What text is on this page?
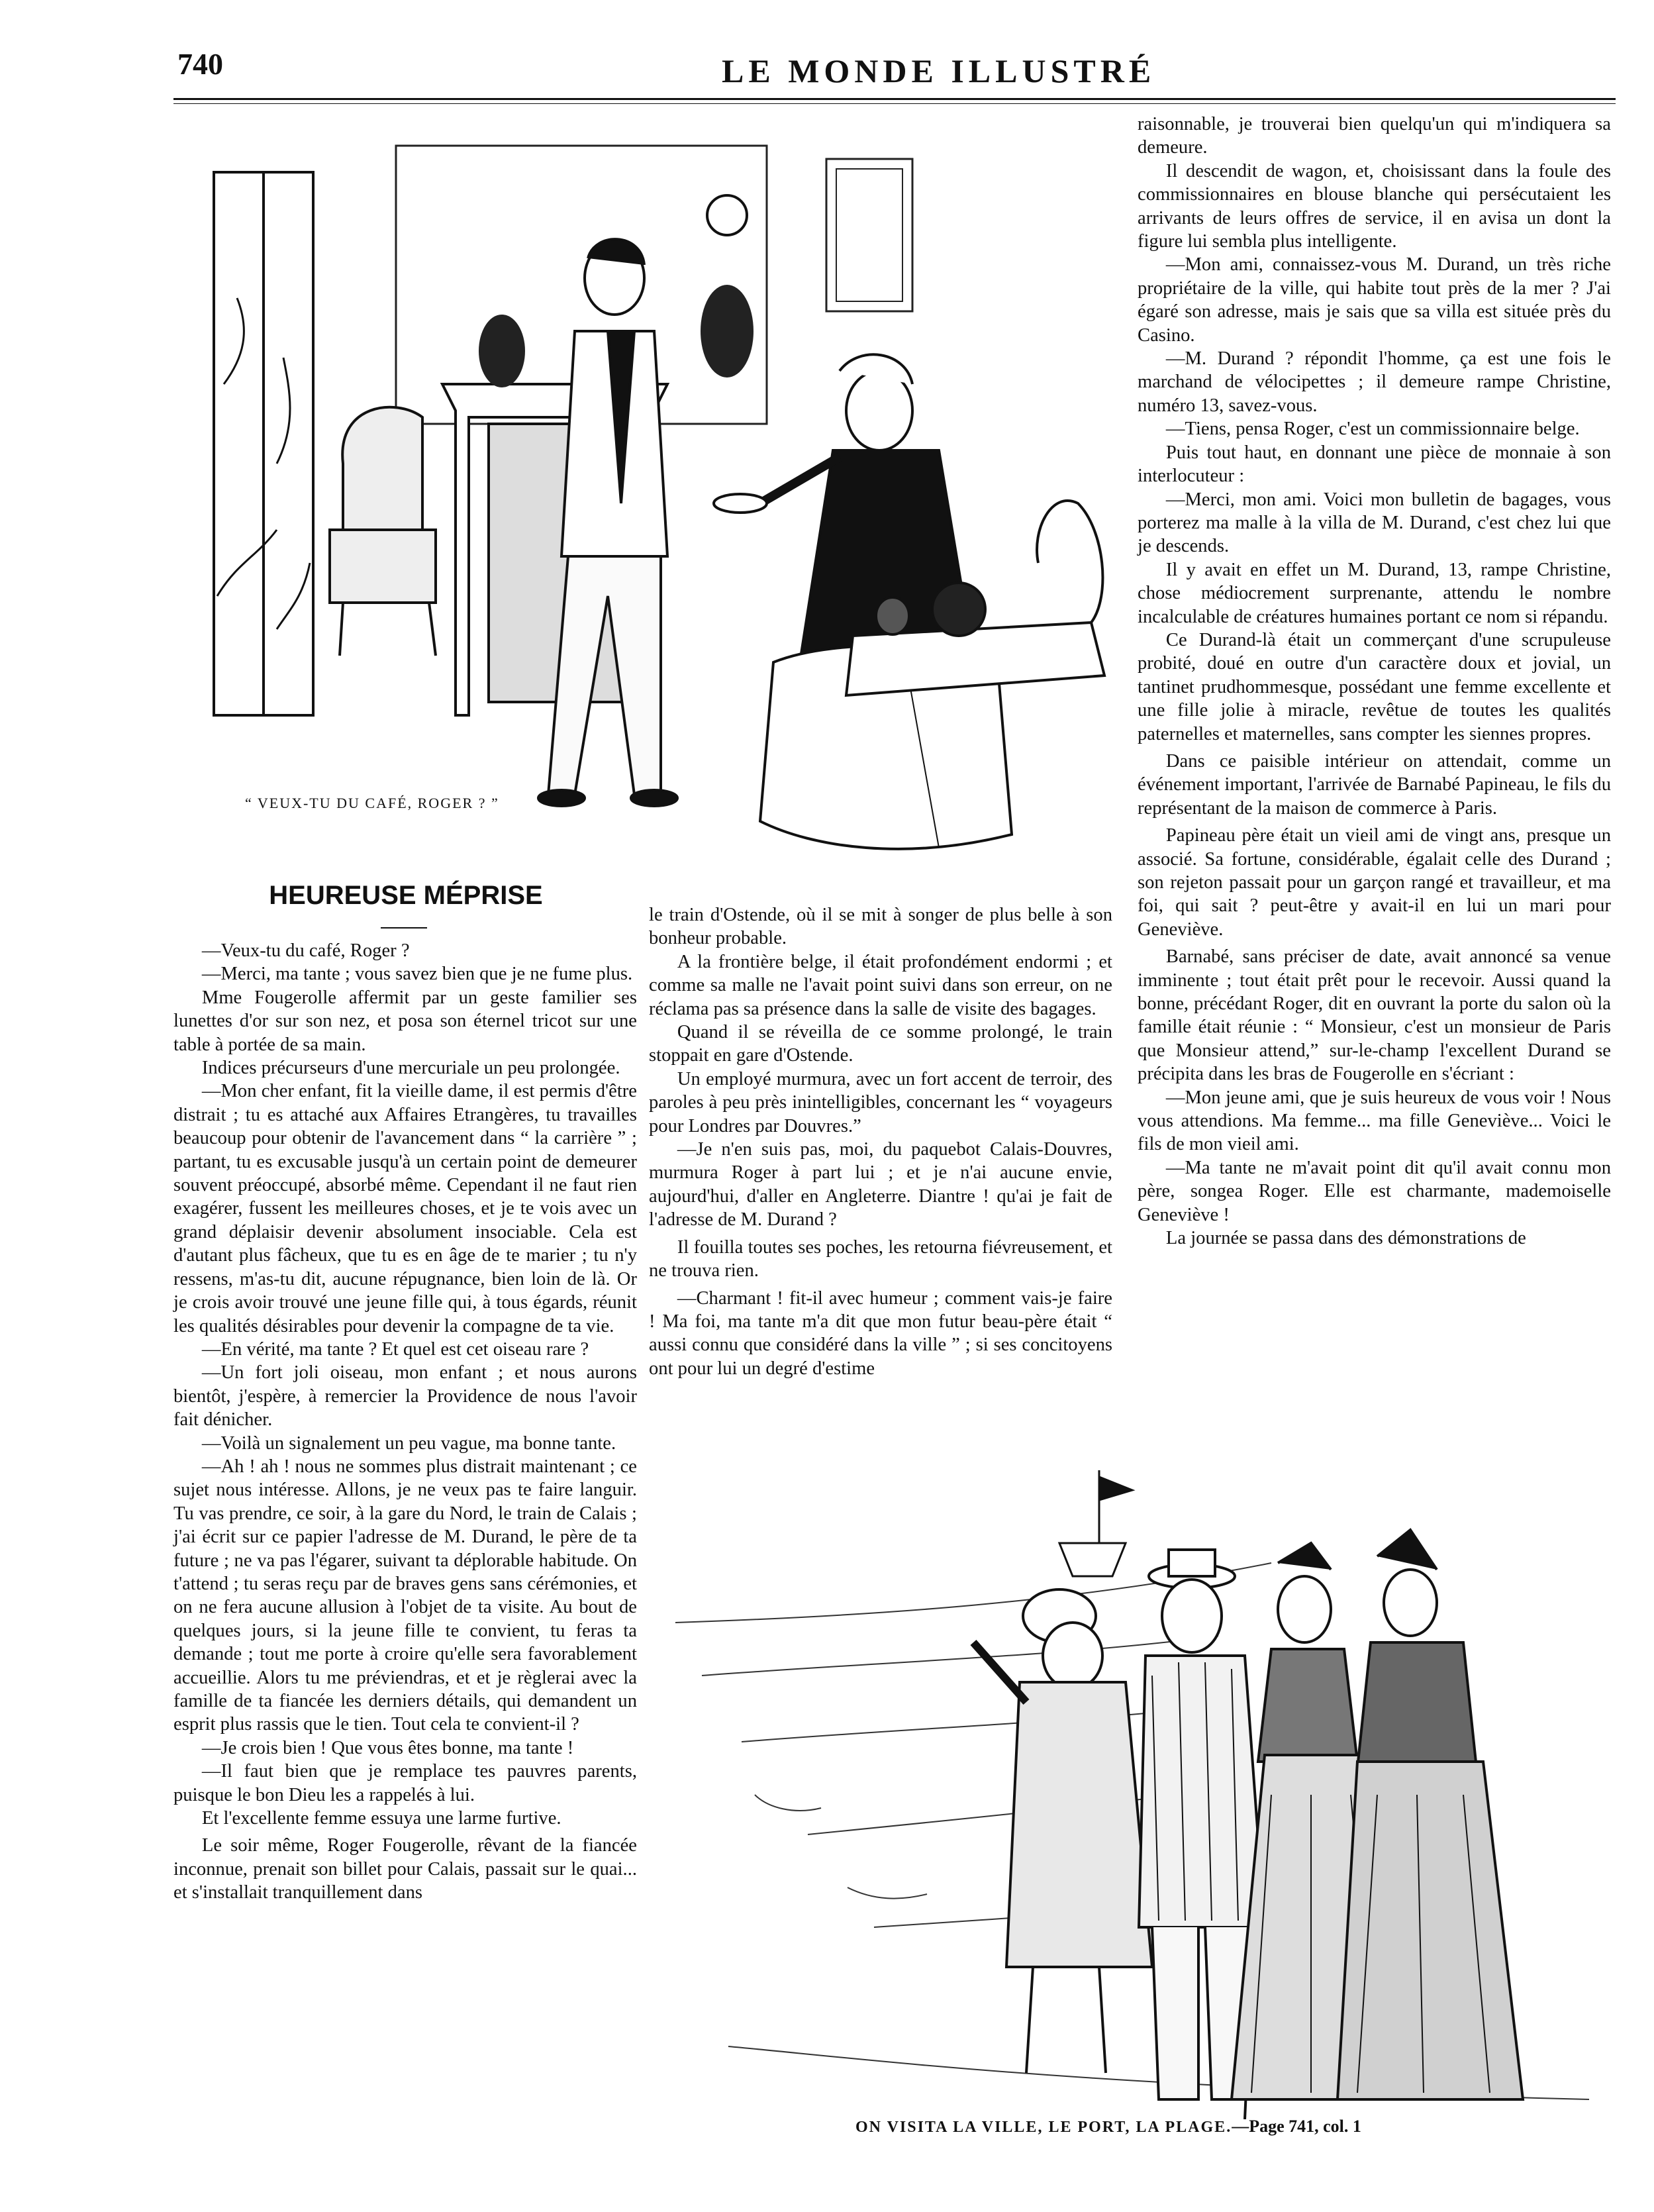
740	LE MONDE ILLUSTRÉ
“ VEUX-TU DU CAFÉ, ROGER ? ”
HEUREUSE MÉPRISE

—Veux-tu du café, Roger ?

—Merci, ma tante ; vous savez bien que je ne fume plus.

Mme Fougerolle affermit par un geste familier ses lunettes d'or sur son nez, et posa son éternel tricot sur une table à portée de sa main.

Indices précurseurs d'une mercuriale un peu prolongée.

—Mon cher enfant, fit la vieille dame, il est permis d'être distrait ; tu es attaché aux Affaires Etrangères, tu travailles beaucoup pour obtenir de l'avancement dans “ la carrière ” ; partant, tu es excusable jusqu'à un certain point de demeurer souvent préoccupé, absorbé même. Cependant il ne faut rien exagérer, fussent les meilleures choses, et je te vois avec un grand déplaisir devenir absolument insociable. Cela est d'autant plus fâcheux, que tu es en âge de te marier ; tu n'y ressens, m'as-tu dit, aucune répugnance, bien loin de là. Or je crois avoir trouvé une jeune fille qui, à tous égards, réunit les qualités désirables pour devenir la compagne de ta vie.

—En vérité, ma tante ? Et quel est cet oiseau rare ?

—Un fort joli oiseau, mon enfant ; et nous aurons bientôt, j'espère, à remercier la Providence de nous l'avoir fait dénicher.

—Voilà un signalement un peu vague, ma bonne tante.

—Ah ! ah ! nous ne sommes plus distrait maintenant ; ce sujet nous intéresse. Allons, je ne veux pas te faire languir. Tu vas prendre, ce soir, à la gare du Nord, le train de Calais ; j'ai écrit sur ce papier l'adresse de M. Durand, le père de ta future ; ne va pas l'égarer, suivant ta déplorable habitude. On t'attend ; tu seras reçu par de braves gens sans cérémonies, et on ne fera aucune allusion à l'objet de ta visite. Au bout de quelques jours, si la jeune fille te convient, tu feras ta demande ; tout me porte à croire qu'elle sera favorablement accueillie. Alors tu me préviendras, et et je règlerai avec la famille de ta fiancée les derniers détails, qui demandent un esprit plus rassis que le tien. Tout cela te convient-il ?

—Je crois bien ! Que vous êtes bonne, ma tante !

—Il faut bien que je remplace tes pauvres parents, puisque le bon Dieu les a rappelés à lui.

Et l'excellente femme essuya une larme furtive.

Le soir même, Roger Fougerolle, rêvant de la fiancée inconnue, prenait son billet pour Calais, passait sur le quai... et s'installait tranquillement dans

le train d'Ostende, où il se mit à songer de plus belle à son bonheur probable.

A la frontière belge, il était profondément endormi ; et comme sa malle ne l'avait point suivi dans son erreur, on ne réclama pas sa présence dans la salle de visite des bagages.

Quand il se réveilla de ce somme prolongé, le train stoppait en gare d'Ostende.

Un employé murmura, avec un fort accent de terroir, des paroles à peu près inintelligibles, concernant les “ voyageurs pour Londres par Douvres.”

—Je n'en suis pas, moi, du paquebot Calais-Douvres, murmura Roger à part lui ; et je n'ai aucune envie, aujourd'hui, d'aller en Angleterre. Diantre ! qu'ai je fait de l'adresse de M. Durand ?

Il fouilla toutes ses poches, les retourna fiévreusement, et ne trouva rien.

—Charmant ! fit-il avec humeur ; comment vais-je faire ! Ma foi, ma tante m'a dit que mon futur beau-père était “ aussi connu que considéré dans la ville ” ; si ses concitoyens ont pour lui un degré d'estime

raisonnable, je trouverai bien quelqu'un qui m'indiquera sa demeure.

Il descendit de wagon, et, choisissant dans la foule des commissionnaires en blouse blanche qui persécutaient les arrivants de leurs offres de service, il en avisa un dont la figure lui sembla plus intelligente.

—Mon ami, connaissez-vous M. Durand, un très riche propriétaire de la ville, qui habite tout près de la mer ? J'ai égaré son adresse, mais je sais que sa villa est située près du Casino.

—M. Durand ? répondit l'homme, ça est une fois le marchand de vélocipettes ; il demeure rampe Christine, numéro 13, savez-vous.

—Tiens, pensa Roger, c'est un commissionnaire belge.

Puis tout haut, en donnant une pièce de monnaie à son interlocuteur :

—Merci, mon ami. Voici mon bulletin de bagages, vous porterez ma malle à la villa de M. Durand, c'est chez lui que je descends.

Il y avait en effet un M. Durand, 13, rampe Christine, chose médiocrement surprenante, attendu le nombre incalculable de créatures humaines portant ce nom si répandu.

Ce Durand-là était un commerçant d'une scrupuleuse probité, doué en outre d'un caractère doux et jovial, un tantinet prudhommesque, possédant une femme excellente et une fille jolie à miracle, revêtue de toutes les qualités paternelles et maternelles, sans compter les siennes propres.

Dans ce paisible intérieur on attendait, comme un événement important, l'arrivée de Barnabé Papineau, le fils du représentant de la maison de commerce à Paris.

Papineau père était un vieil ami de vingt ans, presque un associé. Sa fortune, considérable, égalait celle des Durand ; son rejeton passait pour un garçon rangé et travailleur, et ma foi, qui sait ? peut-être y avait-il en lui un mari pour Geneviève.

Barnabé, sans préciser de date, avait annoncé sa venue imminente ; tout était prêt pour le recevoir. Aussi quand la bonne, précédant Roger, dit en ouvrant la porte du salon où la famille était réunie : “ Monsieur, c'est un monsieur de Paris que Monsieur attend,” sur-le-champ l'excellent Durand se précipita dans les bras de Fougerolle en s'écriant :

—Mon jeune ami, que je suis heureux de vous voir ! Nous vous attendions. Ma femme... ma fille Geneviève... Voici le fils de mon vieil ami.

—Ma tante ne m'avait point dit qu'il avait connu mon père, songea Roger. Elle est charmante, mademoiselle Geneviève !

La journée se passa dans des démonstrations de

ON VISITA LA VILLE, LE PORT, LA PLAGE.—Page 741, col. 1
